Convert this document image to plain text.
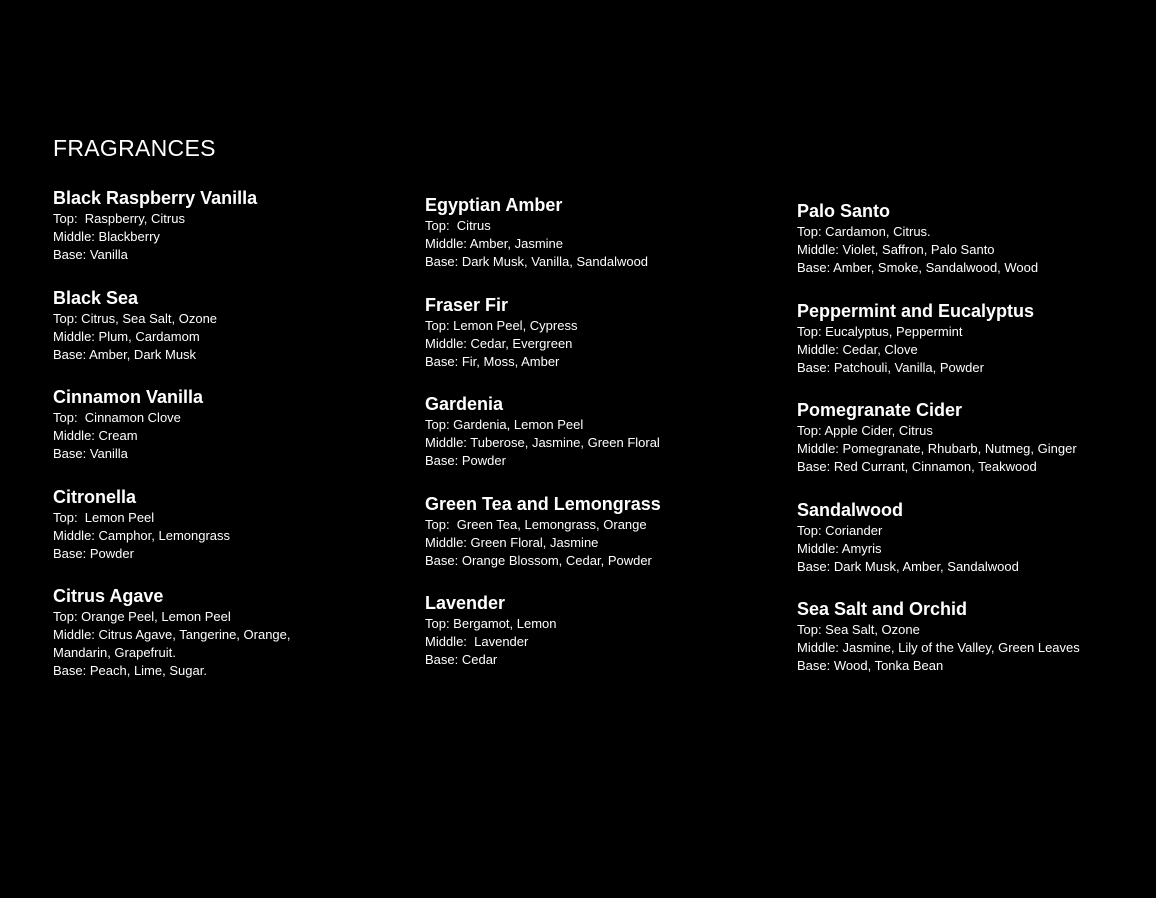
FRAGRANCES
Black Raspberry Vanilla
Top:  Raspberry, Citrus
Middle: Blackberry
Base: Vanilla
Black Sea
Top: Citrus, Sea Salt, Ozone
Middle: Plum, Cardamom
Base: Amber, Dark Musk
Cinnamon Vanilla
Top:  Cinnamon Clove
Middle: Cream
Base: Vanilla
Citronella
Top:  Lemon Peel
Middle: Camphor, Lemongrass
Base: Powder
Citrus Agave
Top: Orange Peel, Lemon Peel
Middle: Citrus Agave, Tangerine, Orange,
Mandarin, Grapefruit.
Base: Peach, Lime, Sugar.
Egyptian Amber
Top:  Citrus
Middle: Amber, Jasmine
Base: Dark Musk, Vanilla, Sandalwood
Fraser Fir
Top: Lemon Peel, Cypress
Middle: Cedar, Evergreen
Base: Fir, Moss, Amber
Gardenia
Top: Gardenia, Lemon Peel
Middle: Tuberose, Jasmine, Green Floral
Base: Powder
Green Tea and Lemongrass
Top:  Green Tea, Lemongrass, Orange
Middle: Green Floral, Jasmine
Base: Orange Blossom, Cedar, Powder
Lavender
Top: Bergamot, Lemon
Middle:  Lavender
Base: Cedar
Palo Santo
Top: Cardamon, Citrus.
Middle: Violet, Saffron, Palo Santo
Base: Amber, Smoke, Sandalwood, Wood
Peppermint and Eucalyptus
Top: Eucalyptus, Peppermint
Middle: Cedar, Clove
Base: Patchouli, Vanilla, Powder
Pomegranate Cider
Top: Apple Cider, Citrus
Middle: Pomegranate, Rhubarb, Nutmeg, Ginger
Base: Red Currant, Cinnamon, Teakwood
Sandalwood
Top: Coriander
Middle: Amyris
Base: Dark Musk, Amber, Sandalwood
Sea Salt and Orchid
Top: Sea Salt, Ozone
Middle: Jasmine, Lily of the Valley, Green Leaves
Base: Wood, Tonka Bean
